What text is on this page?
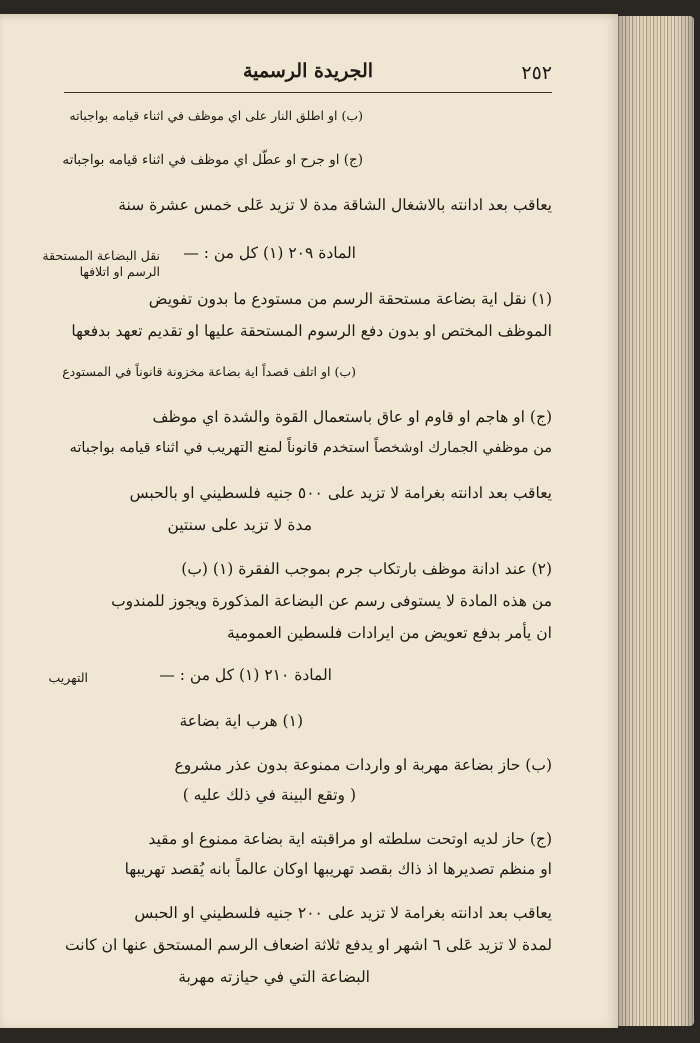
٢٥٢
الجريدة الرسمية
(ب) او اطلق النار على اي موظف في اثناء قيامه بواجباته
(ج) او جرح او عطّل اي موظف في اثناء قيامه بواجباته
يعاقب بعد ادانته بالاشغال الشاقة مدة لا تزيد عَلى خمس عشرة سنة
نقل البضاعة المستحقة
الرسم او اتلافها
المادة ٢٠٩ (١) كل من : —
(١) نقل اية بضاعة مستحقة الرسم من مستودع ما بدون تفويض
الموظف المختص او بدون دفع الرسوم المستحقة عليها او تقديم تعهد بدفعها
(ب) او اتلف قصداً اية بضاعة مخزونة قانوناً في المستودع
(ج) او هاجم او قاوم او عاق باستعمال القوة والشدة اي موظف
من موظفي الجمارك اوشخصاً استخدم قانوناً لمنع التهريب في اثناء قيامه بواجباته
يعاقب بعد ادانته بغرامة لا تزيد على ٥٠٠ جنيه فلسطيني او بالحبس
مدة لا تزيد على سنتين
(٢) عند ادانة موظف بارتكاب جرم بموجب الفقرة (١) (ب)
من هذه المادة لا يستوفى رسم عن البضاعة المذكورة ويجوز للمندوب
ان يأمر بدفع تعويض من ايرادات فلسطين العمومية
التهريب	المادة ٢١٠ (١) كل من : —
(١) هرب اية بضاعة
(ب) حاز بضاعة مهربة او واردات ممنوعة بدون عذر مشروع
( وتقع البينة في ذلك عليه )
(ج) حاز لديه اوتحت سلطته او مراقبته اية بضاعة ممنوع او مقيد
او منظم تصديرها اذ ذاك بقصد تهريبها اوكان عالماً بانه يُقصد تهريبها
يعاقب بعد ادانته بغرامة لا تزيد على ٢٠٠ جنيه فلسطيني او الحبس
لمدة لا تزيد عَلى ٦ اشهر او يدفع ثلاثة اضعاف الرسم المستحق عنها ان كانت
البضاعة التي في حيازته مهربة
